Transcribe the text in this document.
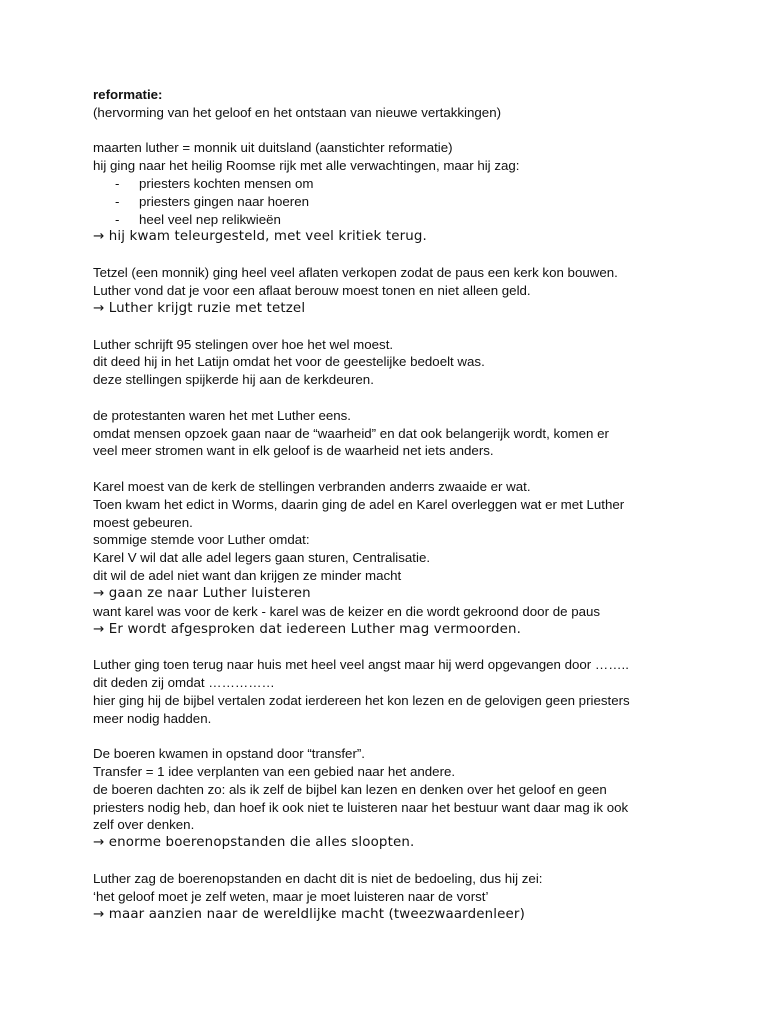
reformatie:
(hervorming van het geloof en het ontstaan van nieuwe vertakkingen)
maarten luther = monnik uit duitsland (aanstichter reformatie)
hij ging naar het heilig Roomse rijk met alle verwachtingen, maar hij zag:
-	priesters kochten mensen om
-	priesters gingen naar hoeren
-	heel veel nep relikwieën
→ hij kwam teleurgesteld, met veel kritiek terug.
Tetzel (een monnik) ging heel veel aflaten verkopen zodat de paus een kerk kon bouwen.
Luther vond dat je voor een aflaat berouw moest tonen en niet alleen geld.
→ Luther krijgt ruzie met tetzel
Luther schrijft 95 stelingen over hoe het wel moest.
dit deed hij in het Latijn omdat het voor de geestelijke bedoelt was.
deze stellingen spijkerde hij aan de kerkdeuren.
de protestanten waren het met Luther eens.
omdat mensen opzoek gaan naar de “waarheid” en dat ook belangerijk wordt, komen er
veel meer stromen want in elk geloof is de waarheid net iets anders.
Karel moest van de kerk de stellingen verbranden anderrs zwaaide er wat.
Toen kwam het edict in Worms, daarin ging de adel en Karel overleggen wat er met Luther
moest gebeuren.
sommige stemde voor Luther omdat:
Karel V wil dat alle adel legers gaan sturen, Centralisatie.
dit wil de adel niet want dan krijgen ze minder macht
→ gaan ze naar Luther luisteren
want karel was voor de kerk - karel was de keizer en die wordt gekroond door de paus
→ Er wordt afgesproken dat iedereen Luther mag vermoorden.
Luther ging toen terug naar huis met heel veel angst maar hij werd opgevangen door ……..
dit deden zij omdat ……………
hier ging hij de bijbel vertalen zodat ierdereen het kon lezen en de gelovigen geen priesters
meer nodig hadden.
De boeren kwamen in opstand door “transfer”.
Transfer = 1 idee verplanten van een gebied naar het andere.
de boeren dachten zo: als ik zelf de bijbel kan lezen en denken over het geloof en geen
priesters nodig heb, dan hoef ik ook niet te luisteren naar het bestuur want daar mag ik ook
zelf over denken.
→ enorme boerenopstanden die alles sloopten.
Luther zag de boerenopstanden en dacht dit is niet de bedoeling, dus hij zei:
‘het geloof moet je zelf weten, maar je moet luisteren naar de vorst’
→ maar aanzien naar de wereldlijke macht (tweezwaardenleer)
